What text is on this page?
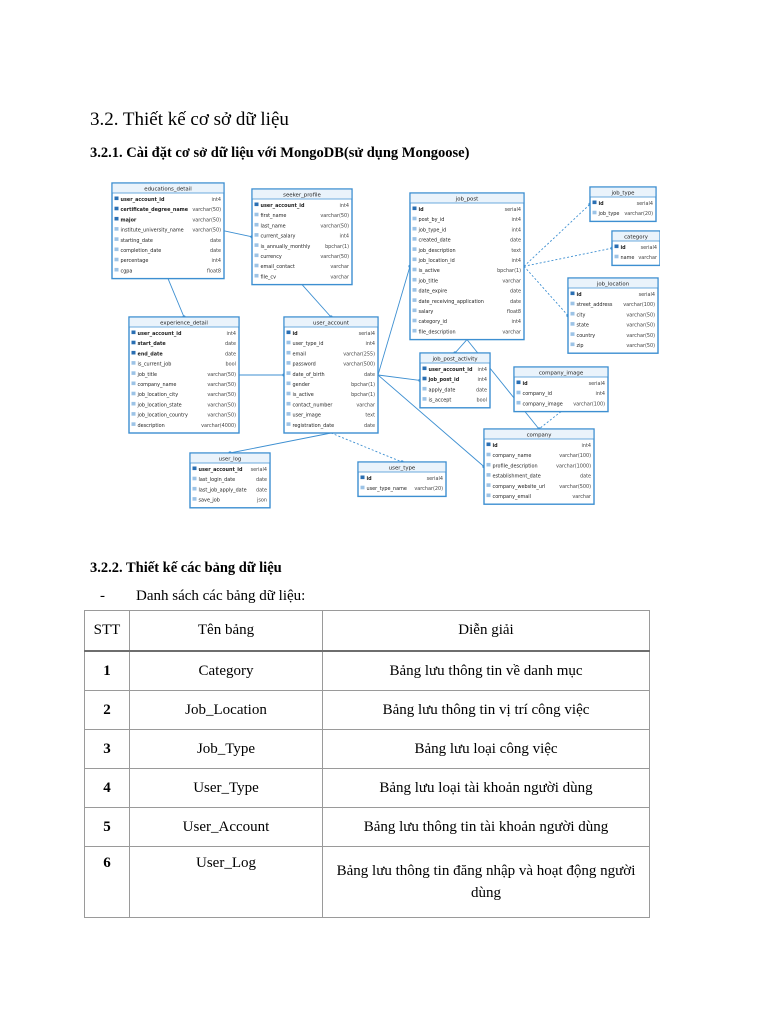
3.2. Thiết kế cơ sở dữ liệu
3.2.1. Cài đặt cơ sở dữ liệu với MongoDB(sử dụng Mongoose)
educations_detail
user_account_id	int4
certificate_degree_name varchar(50)
major	varchar(50)
institute_university_name varchar(50)
starting_date	date
completion_date	date
percentage	int4
cgpa	float8
seeker_profile
user_account_id	int4
first_name	varchar(50)
last_name	varchar(50)
current_salary	int4
is_annually_monthly	bpchar(1)
currency	varchar(50)
email_contact	varchar
file_cv	varchar
job_post
id	serial4
post_by_id	int4
job_type_id	int4
created_date	date
job_description	text
job_location_id	int4
is_active	bpchar(1)
job_title	varchar
date_expire	date
date_receiving_application	date
salary	float8
category_id	int4
file_description	varchar
job_type
id	serial4
job_type varchar(20)
category
id	serial4
name varchar
job_location
id	serial4
street_address varchar(100)
city	varchar(50)
state	varchar(50)
country	varchar(50)
zip	varchar(50)
experience_detail
user_account_id	int4
start_date	date
end_date	date
is_current_job	bool
job_title	varchar(50)
company_name	varchar(50)
job_location_city	varchar(50)
job_location_state	varchar(50)
job_location_country	varchar(50)
description	varchar(4000)
user_account
id	serial4
user_type_id	int4
email	varchar(255)
password	varchar(500)
date_of_birth	date
gender	bpchar(1)
is_active	bpchar(1)
contact_number	varchar
user_image	text
registration_date	date
job_post_activity
user_account_id int4
job_post_id	int4
apply_date	date
is_accept	bool
company_image
id	serial4
company_id	int4
company_image varchar(100)
company
id	int4
company_name	varchar(100)
profile_description	varchar(1000)
establishment_date	date
company_website_url	varchar(500)
company_email	varchar
user_log
user_account_id serial4
last_login_date	date
last_job_apply_date date
save_job	json
user_type
id	serial4
user_type_name varchar(20)
3.2.2. Thiết kế các bảng dữ liệu
- Danh sách các bảng dữ liệu:
STT	Tên bảng	Diễn giải
1	Category	Bảng lưu thông tin về danh mục
2	Job_Location	Bảng lưu thông tin vị trí công việc
3	Job_Type	Bảng lưu loại công việc
4	User_Type	Bảng lưu loại tài khoản người dùng
5	User_Account	Bảng lưu thông tin tài khoản người dùng
6	User_Log	Bảng lưu thông tin đăng nhập và hoạt động người dùng
